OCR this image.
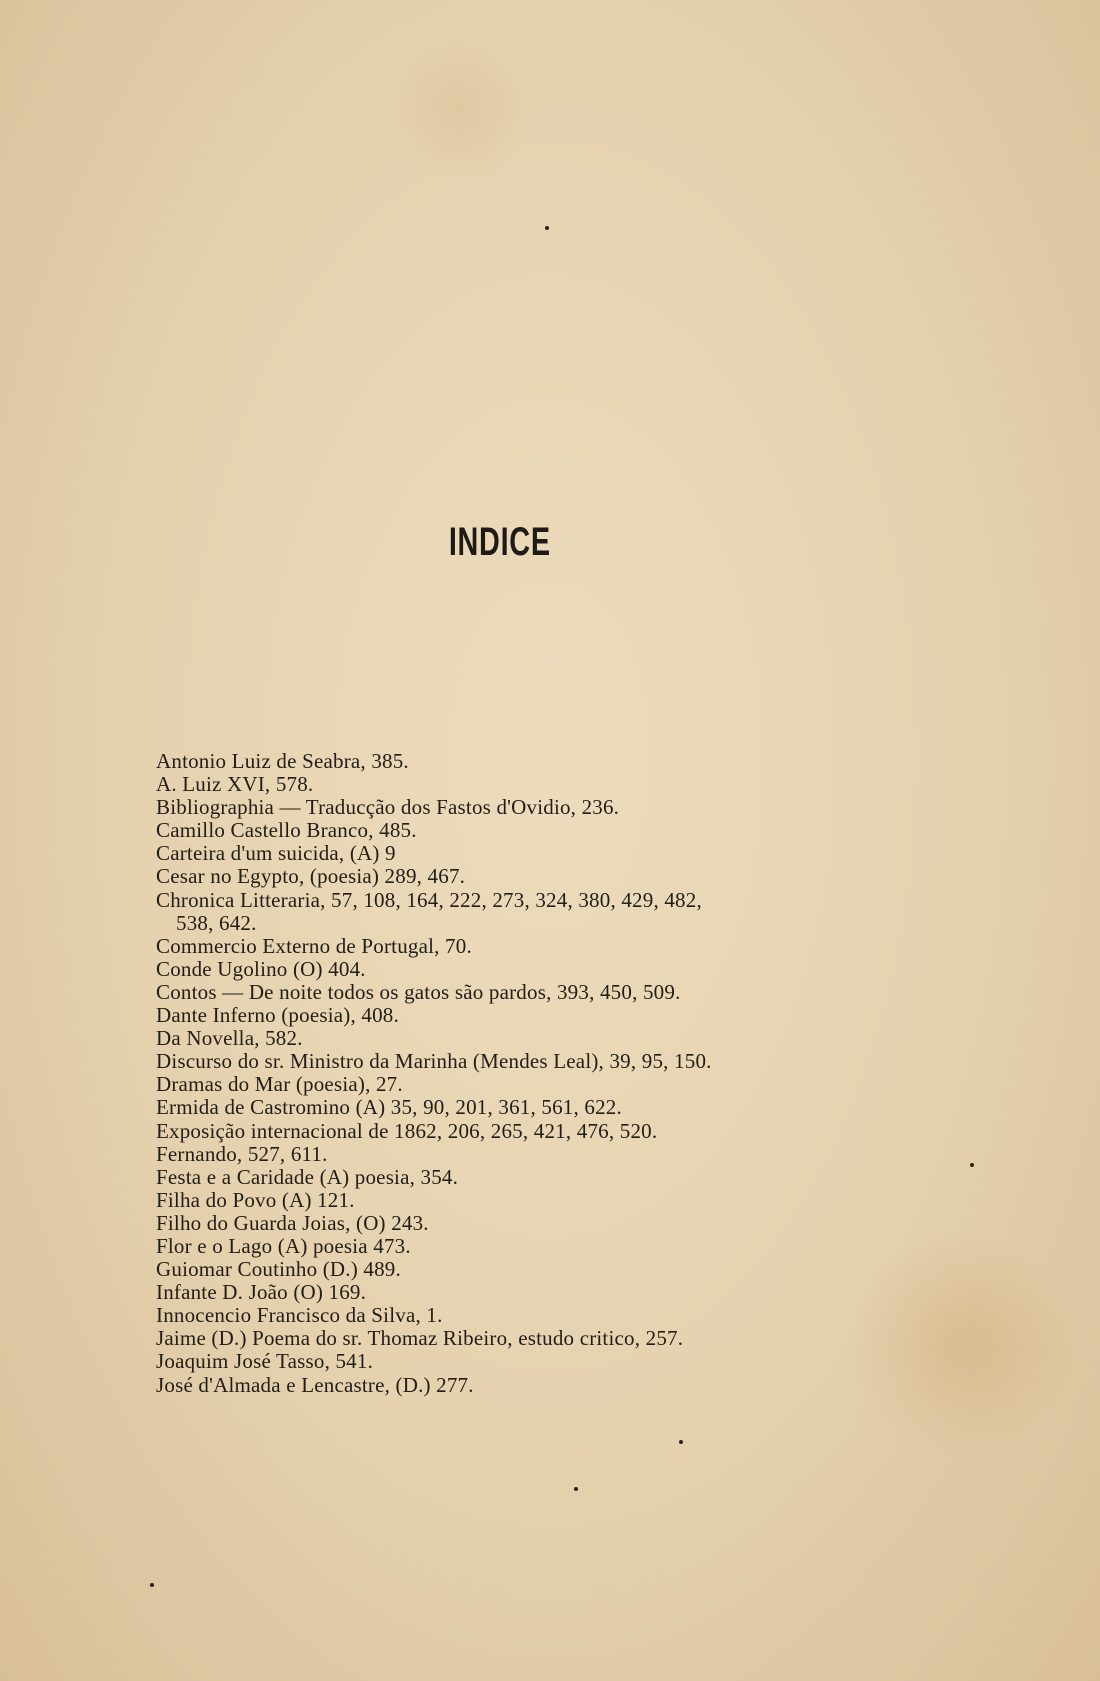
INDICE
Antonio Luiz de Seabra, 385.
A. Luiz XVI, 578.
Bibliographia — Traducção dos Fastos d'Ovidio, 236.
Camillo Castello Branco, 485.
Carteira d'um suicida, (A) 9
Cesar no Egypto, (poesia) 289, 467.
Chronica Litteraria, 57, 108, 164, 222, 273, 324, 380, 429, 482,
538, 642.
Commercio Externo de Portugal, 70.
Conde Ugolino (O) 404.
Contos — De noite todos os gatos são pardos, 393, 450, 509.
Dante Inferno (poesia), 408.
Da Novella, 582.
Discurso do sr. Ministro da Marinha (Mendes Leal), 39, 95, 150.
Dramas do Mar (poesia), 27.
Ermida de Castromino (A) 35, 90, 201, 361, 561, 622.
Exposição internacional de 1862, 206, 265, 421, 476, 520.
Fernando, 527, 611.
Festa e a Caridade (A) poesia, 354.
Filha do Povo (A) 121.
Filho do Guarda Joias, (O) 243.
Flor e o Lago (A) poesia 473.
Guiomar Coutinho (D.) 489.
Infante D. João (O) 169.
Innocencio Francisco da Silva, 1.
Jaime (D.) Poema do sr. Thomaz Ribeiro, estudo critico, 257.
Joaquim José Tasso, 541.
José d'Almada e Lencastre, (D.) 277.
